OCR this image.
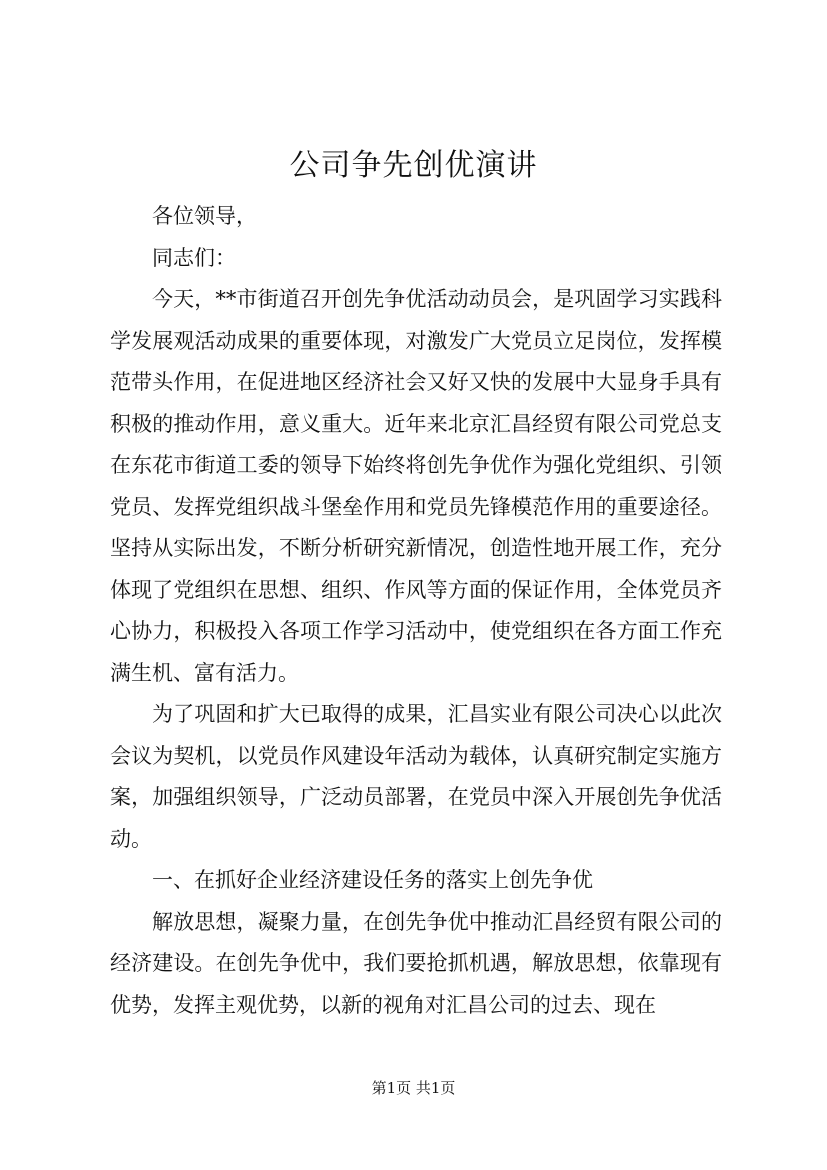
公司争先创优演讲

各位领导，

同志们：

今天，**市街道召开创先争优活动动员会，是巩固学习实践科学发展观活动成果的重要体现，对激发广大党员立足岗位，发挥模范带头作用，在促进地区经济社会又好又快的发展中大显身手具有积极的推动作用，意义重大。近年来北京汇昌经贸有限公司党总支在东花市街道工委的领导下始终将创先争优作为强化党组织、引领党员、发挥党组织战斗堡垒作用和党员先锋模范作用的重要途径。坚持从实际出发，不断分析研究新情况，创造性地开展工作，充分体现了党组织在思想、组织、作风等方面的保证作用，全体党员齐心协力，积极投入各项工作学习活动中，使党组织在各方面工作充满生机、富有活力。

为了巩固和扩大已取得的成果，汇昌实业有限公司决心以此次会议为契机，以党员作风建设年活动为载体，认真研究制定实施方案，加强组织领导，广泛动员部署，在党员中深入开展创先争优活动。

一、在抓好企业经济建设任务的落实上创先争优

解放思想，凝聚力量，在创先争优中推动汇昌经贸有限公司的经济建设。在创先争优中，我们要抢抓机遇，解放思想，依靠现有优势，发挥主观优势，以新的视角对汇昌公司的过去、现在

第1页 共1页
